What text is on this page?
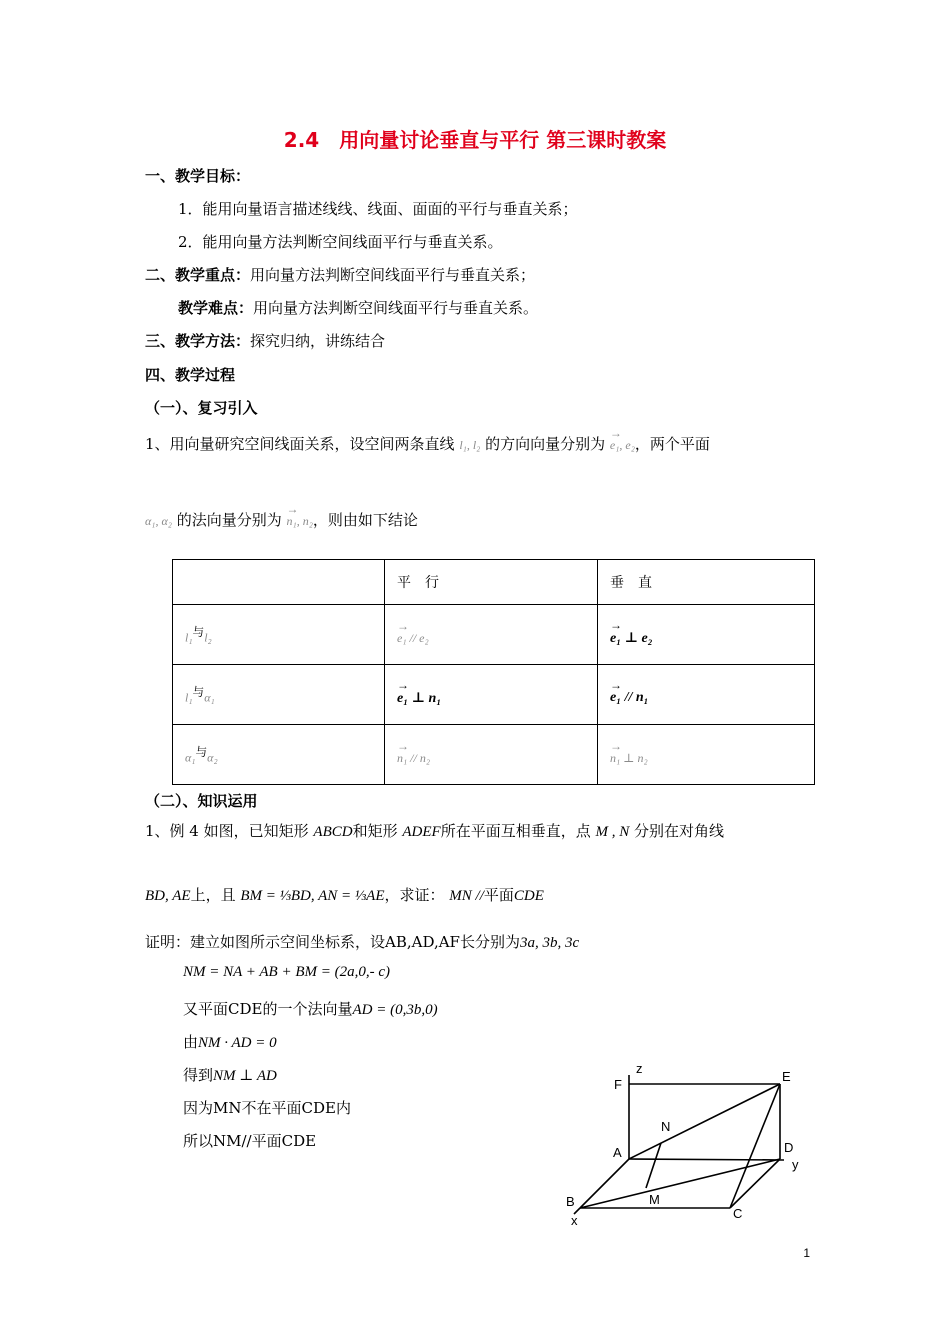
2.4　用向量讨论垂直与平行 第三课时教案
一、教学目标：
1．能用向量语言描述线线、线面、面面的平行与垂直关系；
2．能用向量方法判断空间线面平行与垂直关系。
二、教学重点：用向量方法判断空间线面平行与垂直关系；
教学难点：用向量方法判断空间线面平行与垂直关系。
三、教学方法：探究归纳，讲练结合
四、教学过程
（一）、复习引入
1、用向量研究空间线面关系，设空间两条直线 l₁, l₂ 的方向向量分别为 → e₁, e₂，两个平面
α₁, α₂ 的法向量分别为 → n₁, n₂，则由如下结论
	平　行	垂　直
l₁$^与$l₂	→ e₁ // e₂	→ e₁ ⊥ e₂
l₁$^与$α₁	→ e₁ ⊥ n₁	→ e₁ // n₁
α₁$^与$α₂	→ n₁ // n₂	→ n₁ ⊥ n₂
（二）、知识运用
1、例 4 如图，已知矩形 ABCD和矩形 ADEF所在平面互相垂直，点 M , N 分别在对角线
BD, AE上，且 BM = ⅓BD, AN = ⅓AE，求证： MN //平面CDE
证明：建立如图所示空间坐标系，设AB,AD,AF长分别为3a, 3b, 3c
NM = NA + AB + BM = (2a,0,- c)
又平面CDE的一个法向量AD = (0,3b,0)
由NM · AD = 0
得到NM ⊥ AD
因为MN不在平面CDE内
所以NM//平面CDE
z
F
E
N
A	D
y
B	M
C
x
1
